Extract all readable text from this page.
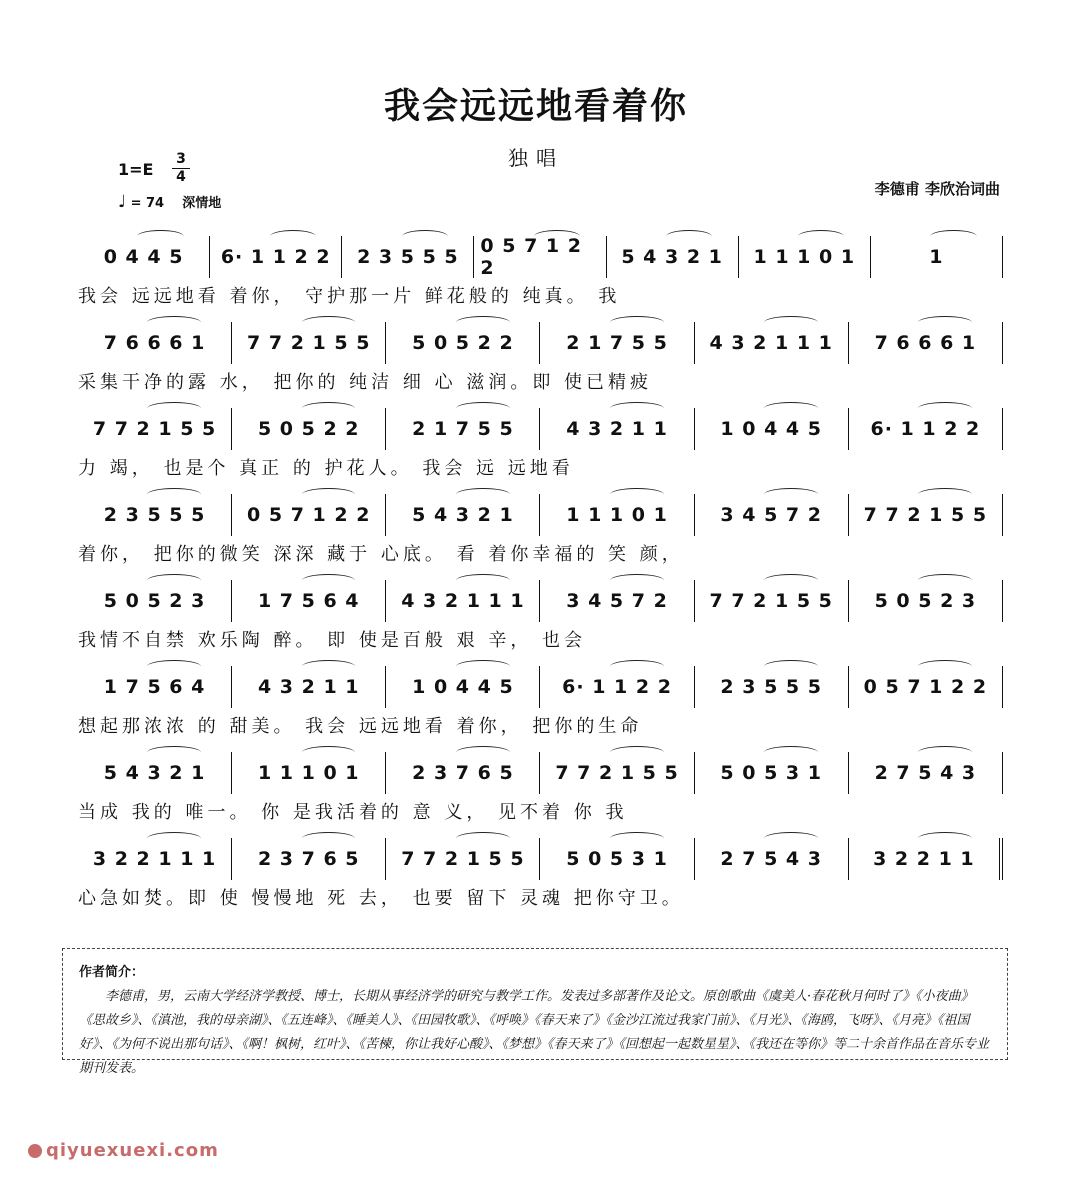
我会远远地看着你
独唱
1=E
3
4
♩ = 74 深情地
李德甫 李欣治词曲
0 4 4 5	6· 1 1 2 2	2 3 5 5 5	0 5 7 1 2 2	5 4 3 2 1	1 1 1 0 1	1
我会 远远地看 着你， 守护那一片 鲜花般的 纯真。 我
7 6 6 6 1	7 7 2 1 5 5	5 0 5 2 2	2 1 7 5 5	4 3 2 1 1 1	7 6 6 6 1
采集干净的露 水， 把你的 纯洁 细 心 滋润。即 使已精疲
7 7 2 1 5 5	5 0 5 2 2	2 1 7 5 5	4 3 2 1 1	1 0 4 4 5	6· 1 1 2 2
力 竭， 也是个 真正 的 护花人。 我会 远 远地看
2 3 5 5 5	0 5 7 1 2 2	5 4 3 2 1	1 1 1 0 1	3 4 5 7 2	7 7 2 1 5 5
着你， 把你的微笑 深深 藏于 心底。 看 着你幸福的 笑 颜，
5 0 5 2 3	1 7 5 6 4	4 3 2 1 1 1	3 4 5 7 2	7 7 2 1 5 5	5 0 5 2 3
我情不自禁 欢乐陶 醉。 即 使是百般 艰 辛， 也会
1 7 5 6 4	4 3 2 1 1	1 0 4 4 5	6· 1 1 2 2	2 3 5 5 5	0 5 7 1 2 2
想起那浓浓 的 甜美。 我会 远远地看 着你， 把你的生命
5 4 3 2 1	1 1 1 0 1	2 3 7 6 5	7 7 2 1 5 5	5 0 5 3 1	2 7 5 4 3
当成 我的 唯一。 你 是我活着的 意 义， 见不着 你 我
3 2 2 1 1 1	2 3 7 6 5	7 7 2 1 5 5	5 0 5 3 1	2 7 5 4 3	3 2 2 1 1
心急如焚。即 使 慢慢地 死 去， 也要 留下 灵魂 把你守卫。
作者简介：
李德甫，男，云南大学经济学教授、博士，长期从事经济学的研究与教学工作。发表过多部著作及论文。原创歌曲《虞美人·春花秋月何时了》《小夜曲》《思故乡》、《滇池，我的母亲湖》、《五连峰》、《睡美人》、《田园牧歌》、《呼唤》《春天来了》《金沙江流过我家门前》、《月光》、《海鸥，飞呀》、《月亮》《祖国好》、《为何不说出那句话》、《啊！枫树，红叶》、《苦楝，你让我好心酸》、《梦想》《春天来了》《回想起一起数星星》、《我还在等你》等二十余首作品在音乐专业期刊发表。
qiyuexuexi.com
